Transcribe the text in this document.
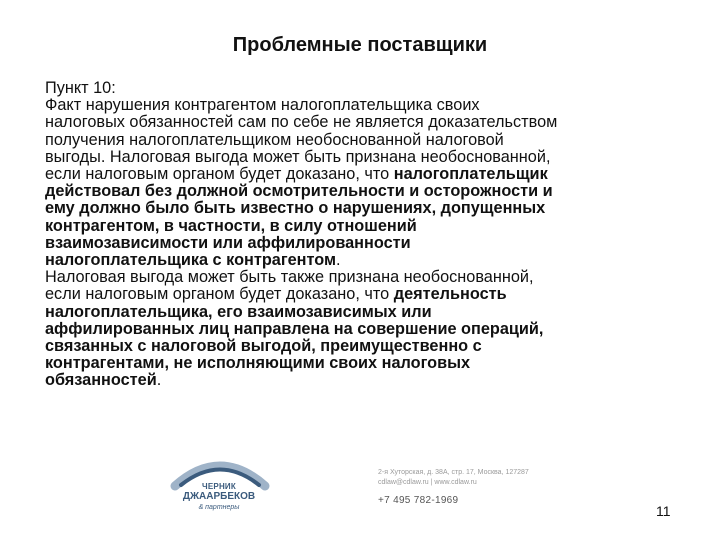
Проблемные поставщики
Пункт 10:
Факт нарушения контрагентом налогоплательщика своих
налоговых обязанностей сам по себе не является доказательством
получения налогоплательщиком необоснованной налоговой
выгоды. Налоговая выгода может быть признана необоснованной,
если налоговым органом будет доказано, что налогоплательщик
действовал без должной осмотрительности и осторожности и
ему должно было быть известно о нарушениях, допущенных
контрагентом, в частности, в силу отношений
взаимозависимости или аффилированности
налогоплательщика с контрагентом.
Налоговая выгода может быть также признана необоснованной,
если налоговым органом будет доказано, что деятельность
налогоплательщика, его взаимозависимых или
аффилированных лиц направлена на совершение операций,
связанных с налоговой выгодой, преимущественно с
контрагентами, не исполняющими своих налоговых
обязанностей.
ЧЕРНИК
ДЖААРБЕКОВ
& партнеры
2-я Хуторская, д. 38А, стр. 17, Москва, 127287
cdlaw@cdlaw.ru | www.cdlaw.ru
+7 495 782-1969
11
